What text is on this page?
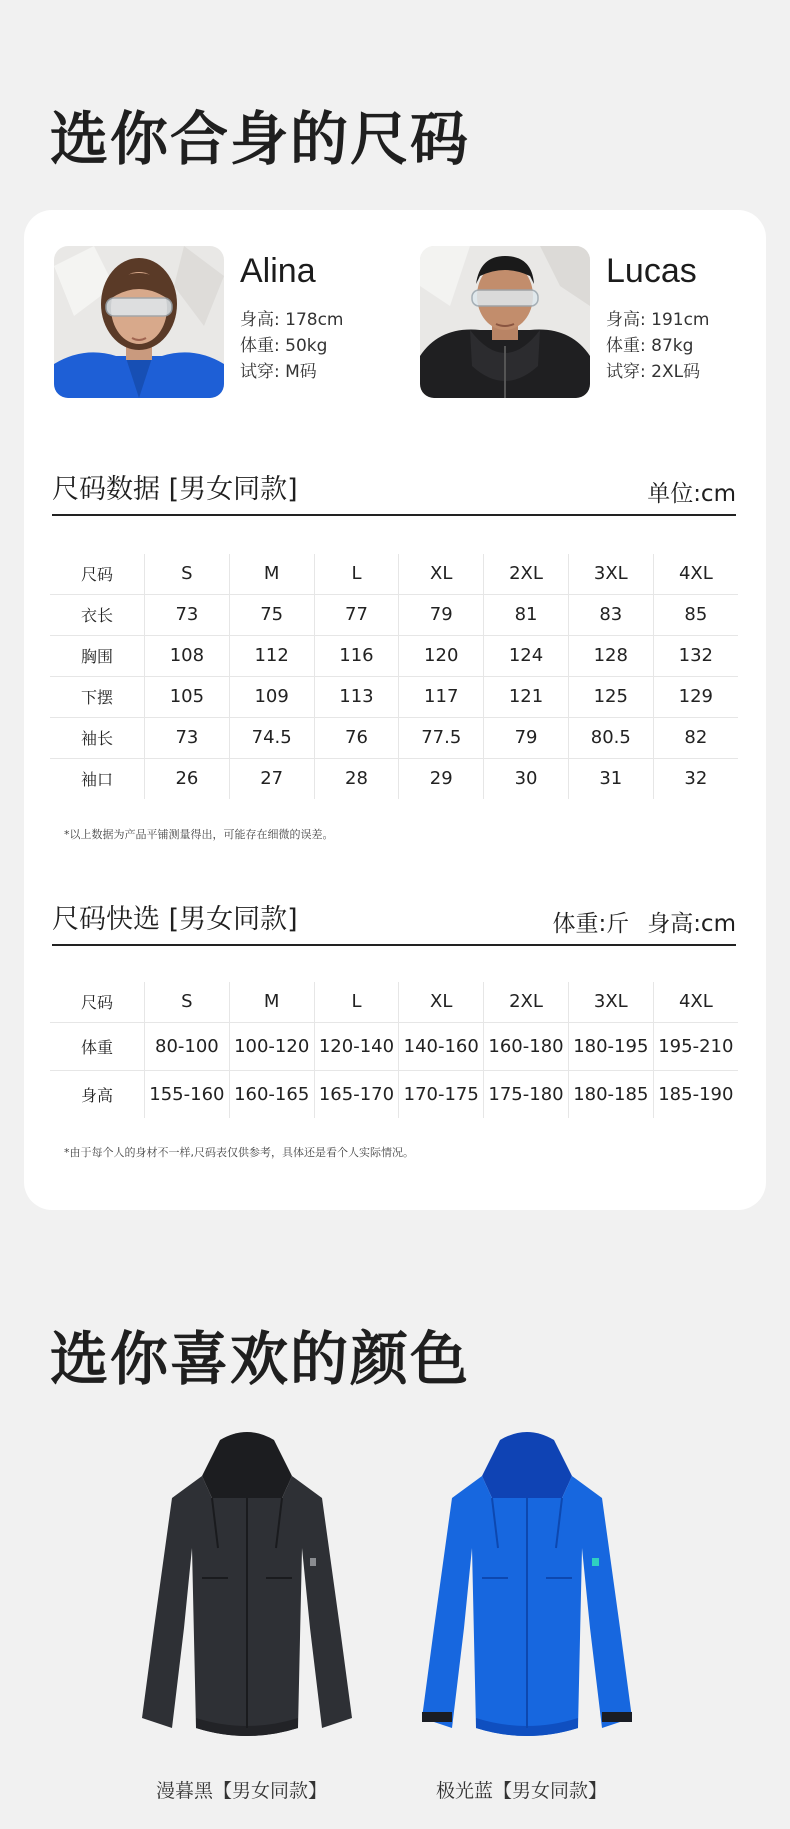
选你合身的尺码
Alina
身高: 178cm
体重: 50kg
试穿: M码
Lucas
身高: 191cm
体重: 87kg
试穿: 2XL码
尺码数据 [男女同款]	单位:cm
尺码	S	M	L	XL	2XL	3XL	4XL
衣长	73	75	77	79	81	83	85
胸围	108	112	116	120	124	128	132
下摆	105	109	113	117	121	125	129
袖长	73	74.5	76	77.5	79	80.5	82
袖口	26	27	28	29	30	31	32
*以上数据为产品平铺测量得出，可能存在细微的误差。
尺码快选 [男女同款]	体重:斤 身高:cm
尺码	S	M	L	XL	2XL	3XL	4XL
体重	80-100	100-120	120-140	140-160	160-180	180-195	195-210
身高	155-160	160-165	165-170	170-175	175-180	180-185	185-190
*由于每个人的身材不一样,尺码表仅供参考，具体还是看个人实际情况。
选你喜欢的颜色
漫暮黑【男女同款】	极光蓝【男女同款】
